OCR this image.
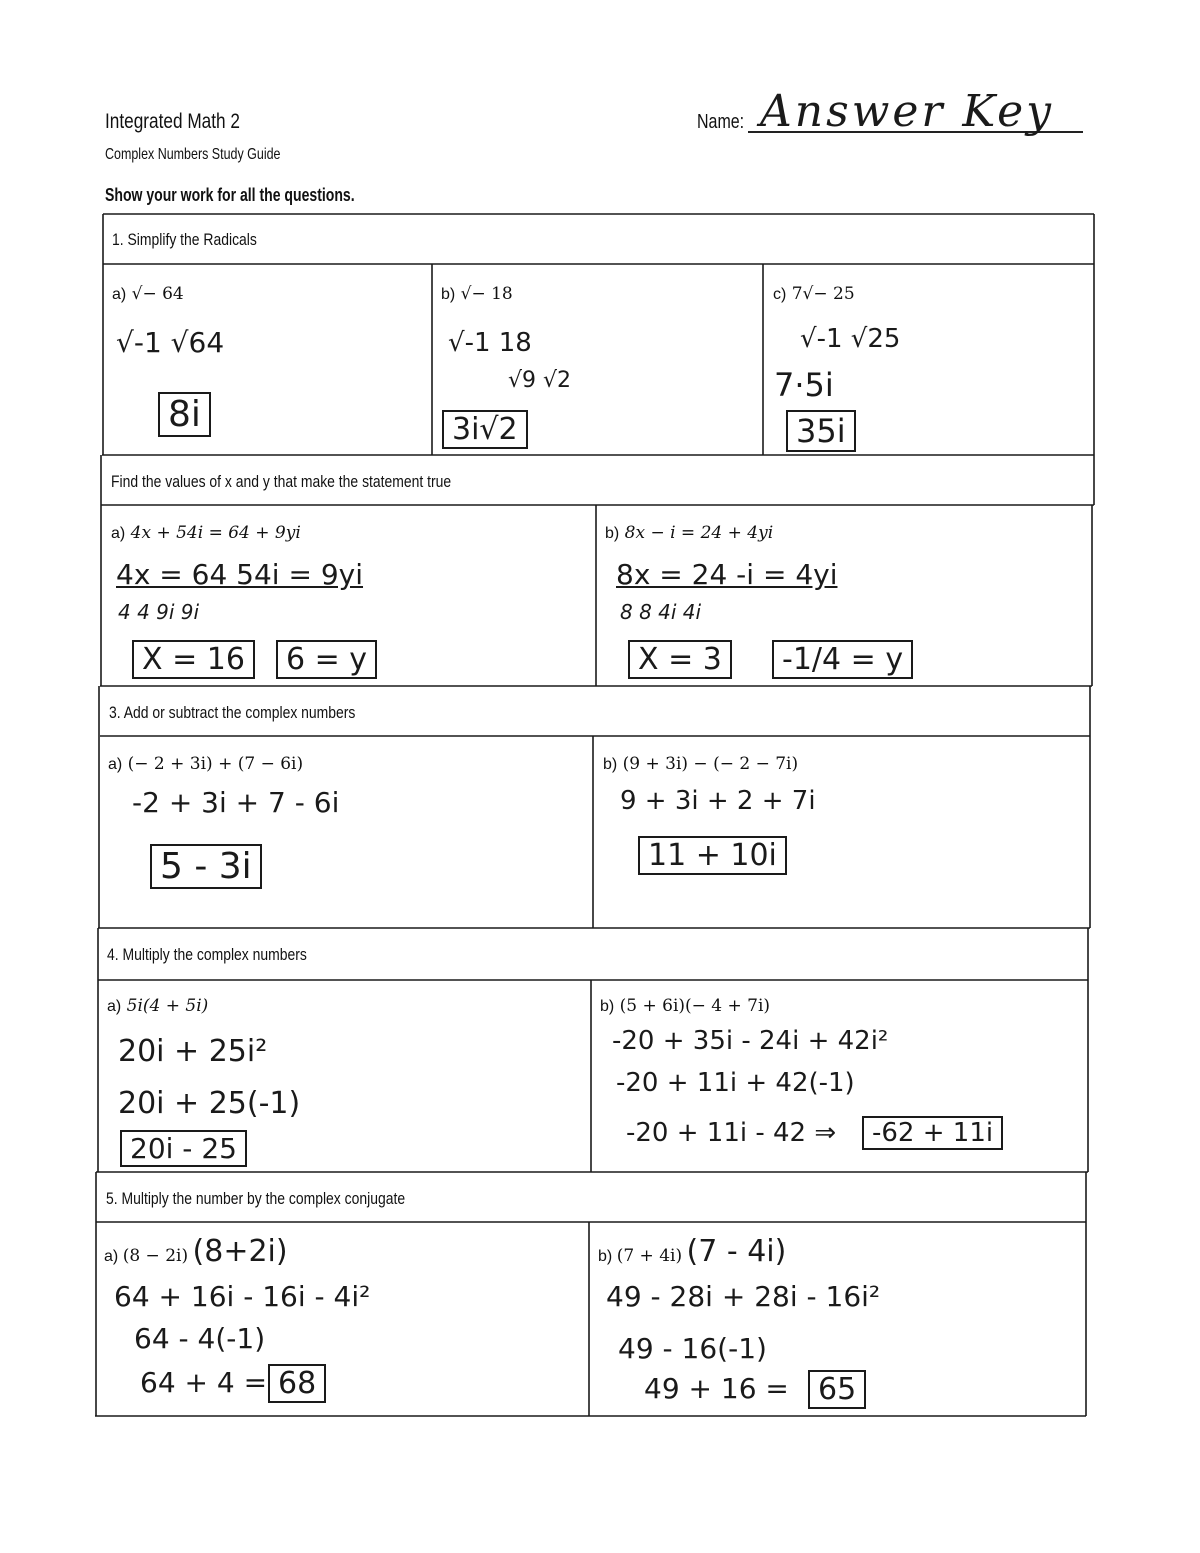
Integrated Math 2
Complex Numbers Study Guide
Show your work for all the questions.
Name: Answer Key
1. Simplify the Radicals
a) √− 64
√-1 √64
8i
b) √− 18
√-1 18
√9 √2
3i√2
c) 7√− 25
√-1 √25
7·5i
35i
Find the values of x and y that make the statement true
a) 4x + 54i = 64 + 9yi
4x = 64 54i = 9yi
4 4 9i 9i
X = 16	6 = y
b) 8x − i = 24 + 4yi
8x = 24 -i = 4yi
8 8 4i 4i
X = 3	-1/4 = y
3. Add or subtract the complex numbers
a) (− 2 + 3i) + (7 − 6i)
-2 + 3i + 7 - 6i
5 - 3i
b) (9 + 3i) − (− 2 − 7i)
9 + 3i + 2 + 7i
11 + 10i
4. Multiply the complex numbers
a) 5i(4 + 5i)
20i + 25i²
20i + 25(-1)
20i - 25
b) (5 + 6i)(− 4 + 7i)
-20 + 35i - 24i + 42i²
-20 + 11i + 42(-1)
-20 + 11i - 42 ⇒	-62 + 11i
5. Multiply the number by the complex conjugate
a) (8 − 2i) (8+2i)
64 + 16i - 16i - 4i²
64 - 4(-1)
64 + 4 = 68
b) (7 + 4i) (7 - 4i)
49 - 28i + 28i - 16i²
49 - 16(-1)
49 + 16 = 65
